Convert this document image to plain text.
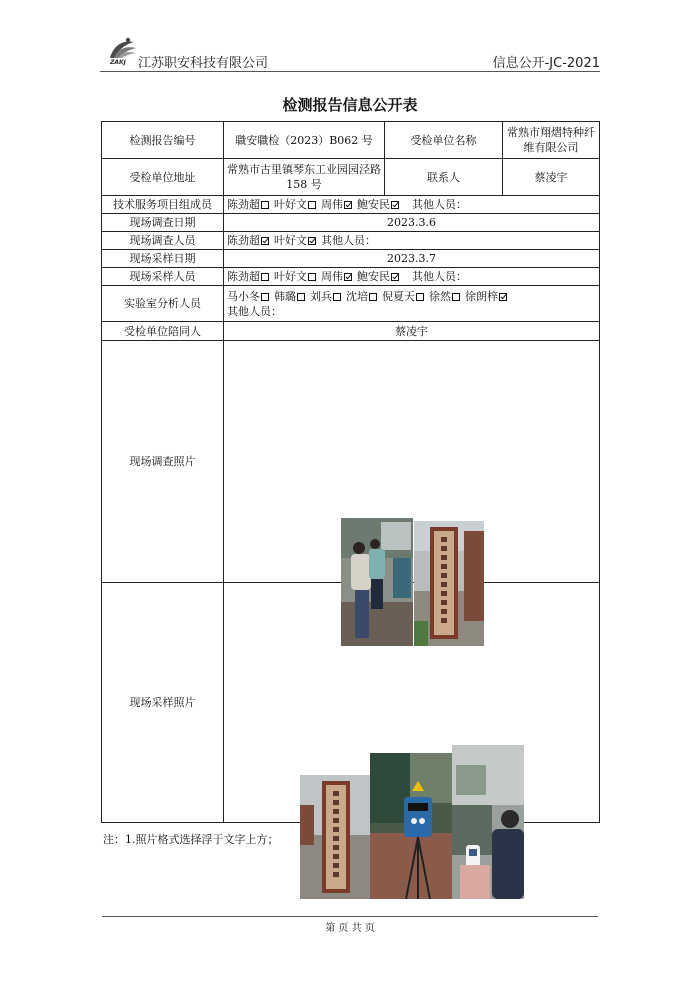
ZAKJ 江苏职安科技有限公司	信息公开-JC-2021
检测报告信息公开表
检测报告编号	職安職检（2023）B062 号	受检单位名称	常熟市翔熠特种纤维有限公司
受检单位地址	常熟市古里镇琴东工业园园泾路 158 号	联系人	蔡凌宇
技术服务项目组成员	陈劲超 叶好文 周伟 鲍安民 其他人员：		
现场调查日期	2023.3.6		
现场调查人员	陈劲超 叶好文 其他人员：		
现场采样日期	2023.3.7		
现场采样人员	陈劲超 叶好文 周伟 鲍安民 其他人员：		
实验室分析人员	马小冬 韩璐 刘兵 沈培 倪夏天 徐然 徐朗梓
其他人员：		

受检单位陪同人	蔡凌宇		
现场调查照片	

现场采样照片	
注：1.照片格式选择浮于文字上方；
第 页 共 页
